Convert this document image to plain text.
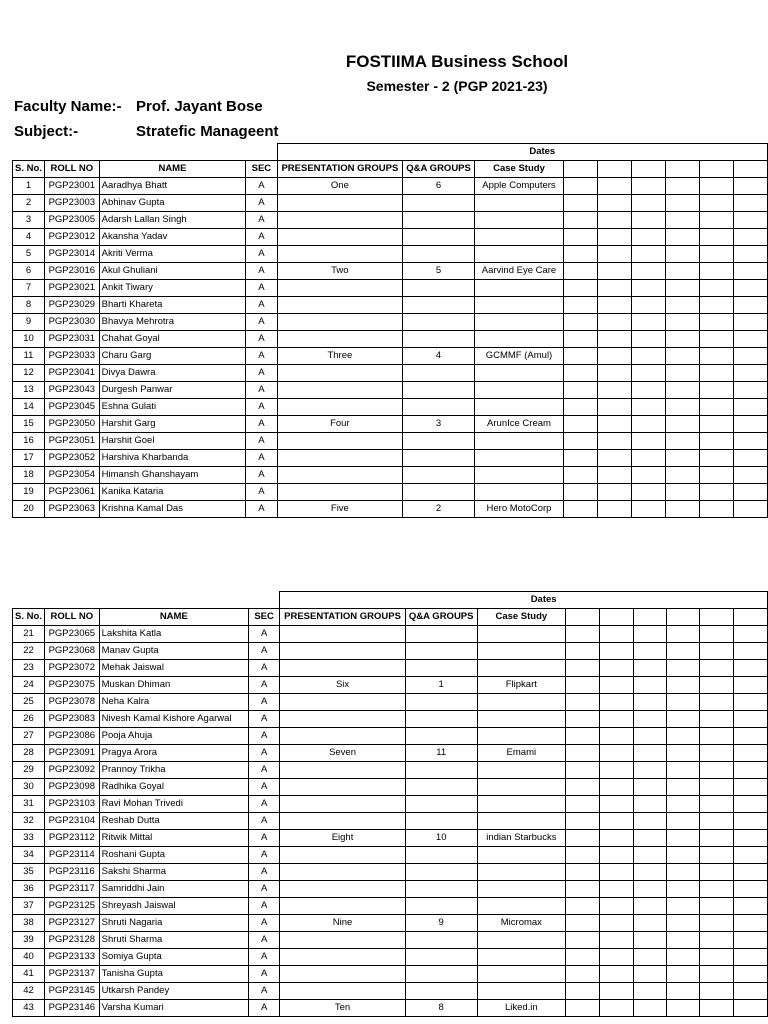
FOSTIIMA Business School
Semester - 2 (PGP 2021-23)
Faculty Name:- Prof. Jayant Bose
Subject:-	Stratefic Manageent
				Dates								
S. No.	ROLL NO	NAME	SEC	PRESENTATION GROUPS	Q&A GROUPS	Case Study						
1	PGP23001	Aaradhya Bhatt	A	One	6	Apple Computers						
2	PGP23003	Abhinav Gupta	A									
3	PGP23005	Adarsh Lallan Singh	A									
4	PGP23012	Akansha Yadav	A									
5	PGP23014	Akriti Verma	A									
6	PGP23016	Akul Ghuliani	A	Two	5	Aarvind Eye Care						
7	PGP23021	Ankit Tiwary	A									
8	PGP23029	Bharti Khareta	A									
9	PGP23030	Bhavya Mehrotra	A									
10	PGP23031	Chahat Goyal	A									
11	PGP23033	Charu Garg	A	Three	4	GCMMF (Amul)						
12	PGP23041	Divya Dawra	A									
13	PGP23043	Durgesh Panwar	A									
14	PGP23045	Eshna Gulati	A									
15	PGP23050	Harshit Garg	A	Four	3	ArunIce Cream						
16	PGP23051	Harshit Goel	A									
17	PGP23052	Harshiva Kharbanda	A									
18	PGP23054	Himansh Ghanshayam	A									
19	PGP23061	Kanika Kataria	A									
20	PGP23063	Krishna Kamal Das	A	Five	2	Hero MotoCorp						
				Dates								
S. No.	ROLL NO	NAME	SEC	PRESENTATION GROUPS	Q&A GROUPS	Case Study						
21	PGP23065	Lakshita Katla	A									
22	PGP23068	Manav Gupta	A									
23	PGP23072	Mehak Jaiswal	A									
24	PGP23075	Muskan Dhiman	A	Six	1	Flipkart						
25	PGP23078	Neha Kalra	A									
26	PGP23083	Nivesh Kamal Kishore Agarwal	A									
27	PGP23086	Pooja Ahuja	A									
28	PGP23091	Pragya Arora	A	Seven	11	Emami						
29	PGP23092	Prannoy Trikha	A									
30	PGP23098	Radhika Goyal	A									
31	PGP23103	Ravi Mohan Trivedi	A									
32	PGP23104	Reshab Dutta	A									
33	PGP23112	Ritwik Mittal	A	Eight	10	indian Starbucks						
34	PGP23114	Roshani Gupta	A									
35	PGP23116	Sakshi Sharma	A									
36	PGP23117	Samriddhi Jain	A									
37	PGP23125	Shreyash Jaiswal	A									
38	PGP23127	Shruti Nagaria	A	Nine	9	Micromax						
39	PGP23128	Shruti Sharma	A									
40	PGP23133	Somiya Gupta	A									
41	PGP23137	Tanisha Gupta	A									
42	PGP23145	Utkarsh Pandey	A									
43	PGP23146	Varsha Kumari	A	Ten	8	Liked.in						
